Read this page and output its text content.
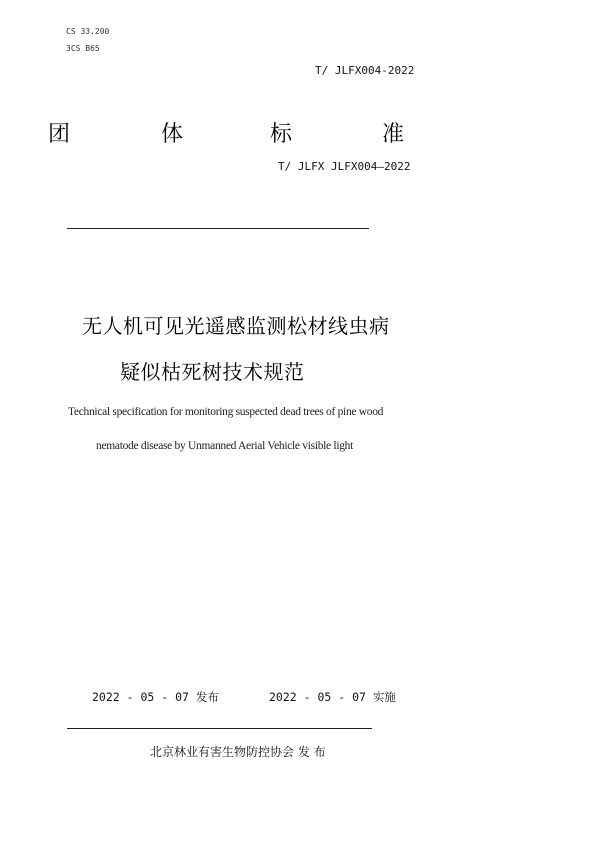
CS 33.200
3CS B65
T/ JLFX004-2022
团	体	标	准
T/ JLFX JLFX004—2022
无人机可见光遥感监测松材线虫病
疑似枯死树技术规范
Technical specification for monitoring suspected dead trees of pine wood
nematode disease by Unmanned Aerial Vehicle visible light
2022 - 05 - 07 发布	2022 - 05 - 07 实施
北京林业有害生物防控协会 发 布
